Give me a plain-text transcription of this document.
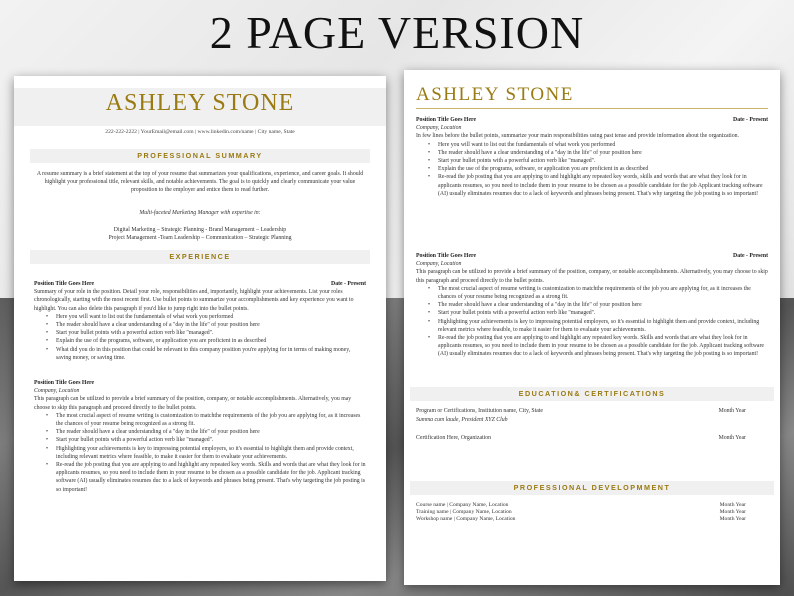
2 PAGE VERSION
ASHLEY STONE
222-222-2222 | YourEmail@email.com | www.linkedin.com/name | City name, State
PROFESSIONAL SUMMARY
A resume summary is a brief statement at the top of your resume that summarizes your qualifications, experience, and career goals. It should highlight your professional title, relevant skills, and notable achievements. The goal is to quickly and clearly communicate your value proposition to the employer and entice them to read further.
Multi-faceted Marketing Manager with expertise in:
Digital Marketing – Strategic Planning - Brand Management – Leadership
Project Management -Team Leadership – Communication – Strategic Planning
EXPERIENCE
Position Title Goes Here	Date - Present
Summary of your role in the position. Detail your role, responsibilities and, importantly, highlight your achievements. List your roles chronologically, starting with the most recent first. Use bullet points to summarize your accomplishments and key experience you want to highlight. You can also delete this paragraph if you'd like to jump right into the bullet points.
• Here you will want to list out the fundamentals of what work you performed
• The reader should have a clear understanding of a "day in the life" of your position here
• Start your bullet points with a powerful action verb like "managed".
• Explain the use of the programs, software, or application you are proficient in as described
• What did you do in this position that could be relevant to this company position you're applying for in terms of making money, saving money, or saving time.
Position Title Goes Here
Company, Location
This paragraph can be utilized to provide a brief summary of the position, company, or notable accomplishments. Alternatively, you may choose to skip this paragraph and proceed directly to the bullet points.
• The most crucial aspect of resume writing is customization to matchthe requirements of the job you are applying for, as it increases the chances of your resume being recognized as a strong fit.
• The reader should have a clear understanding of a "day in the life" of your position here
• Start your bullet points with a powerful action verb like "managed".
• Highlighting your achievements is key to impressing potential employers, so it's essential to highlight them and provide context, including relevant metrics where feasible, to make it easier for them to evaluate your achievements.
• Re-read the job posting that you are applying to and highlight any repeated key words. Skills and words that are what they look for in applicants resumes, so you need to include them in your resume to be chosen as a possible candidate for the job. Applicant tracking software (AI) usually eliminates resumes duc to a lack of keywords and phrases being present. That's why targeting the job posting is so important!
ASHLEY STONE
Position Title Goes Here	Date - Present
Company, Location
In few lines before the bullet points, summarize your main responsibilities using past tense and provide information about the organization.
• Here you will want to list out the fundamentals of what work you performed
• The reader should have a clear understanding of a "day in the life" of your position here
• Start your bullet points with a powerful action verb like "managed".
• Explain the use of the programs, software, or application you are proficient in as described
• Re-read the job posting that you are applying to and highlight any repeated key words, skills and words that are what they look for in applicants resumes, so you need to include them in your resume to be chosen as a possible candidate for the job Applicant tracking software (AI) usually eliminates resumes duc to a lack of keywords and phrases being present. That's why targeting the job posting is so important!
Position Title Goes Here	Date - Present
Company, Location
This paragraph can be utilized to provide a brief summary of the position, company, or notable accomplishments. Alternatively, you may choose to skip this paragraph and proceed directly to the bullet points.
• The most crucial aspect of resume writing is customization to matchthe requirements of the job you are applying for, as it increases the chances of your resume being recognized as a strong fit.
• The reader should have a clear understanding of a "day in the life" of your position here
• Start your bullet points with a powerful action verb like "managed".
• Highlighting your achievements is key to impressing potential employers, so it's essential to highlight them and provide context, including relevant metrics where feasible, to make it easier for them to evaluate your achievements.
• Re-read the job posting that you are applying to and highlight any repeated key words. Skills and words that are what they look for in applicants resumes, so you need to include them in your resume to be chosen as a possible candidate for the job. Applicant tracking software (AI) usually eliminates resumes duc to a lack of keywords and phrases being present. That's why targeting the job posting is so important!
EDUCATION& CERTIFICATIONS
Program or Certifications, Institution name, City, State	Month Year
Summa cum laude, President XYZ Club
Certification Here, Organization	Month Year
PROFESSIONAL DEVELOPMMENT
Course name | Company Name, Location	Month Year
Training name | Company Name, Location	Month Year
Workshop name | Company Name, Location	Month Year
